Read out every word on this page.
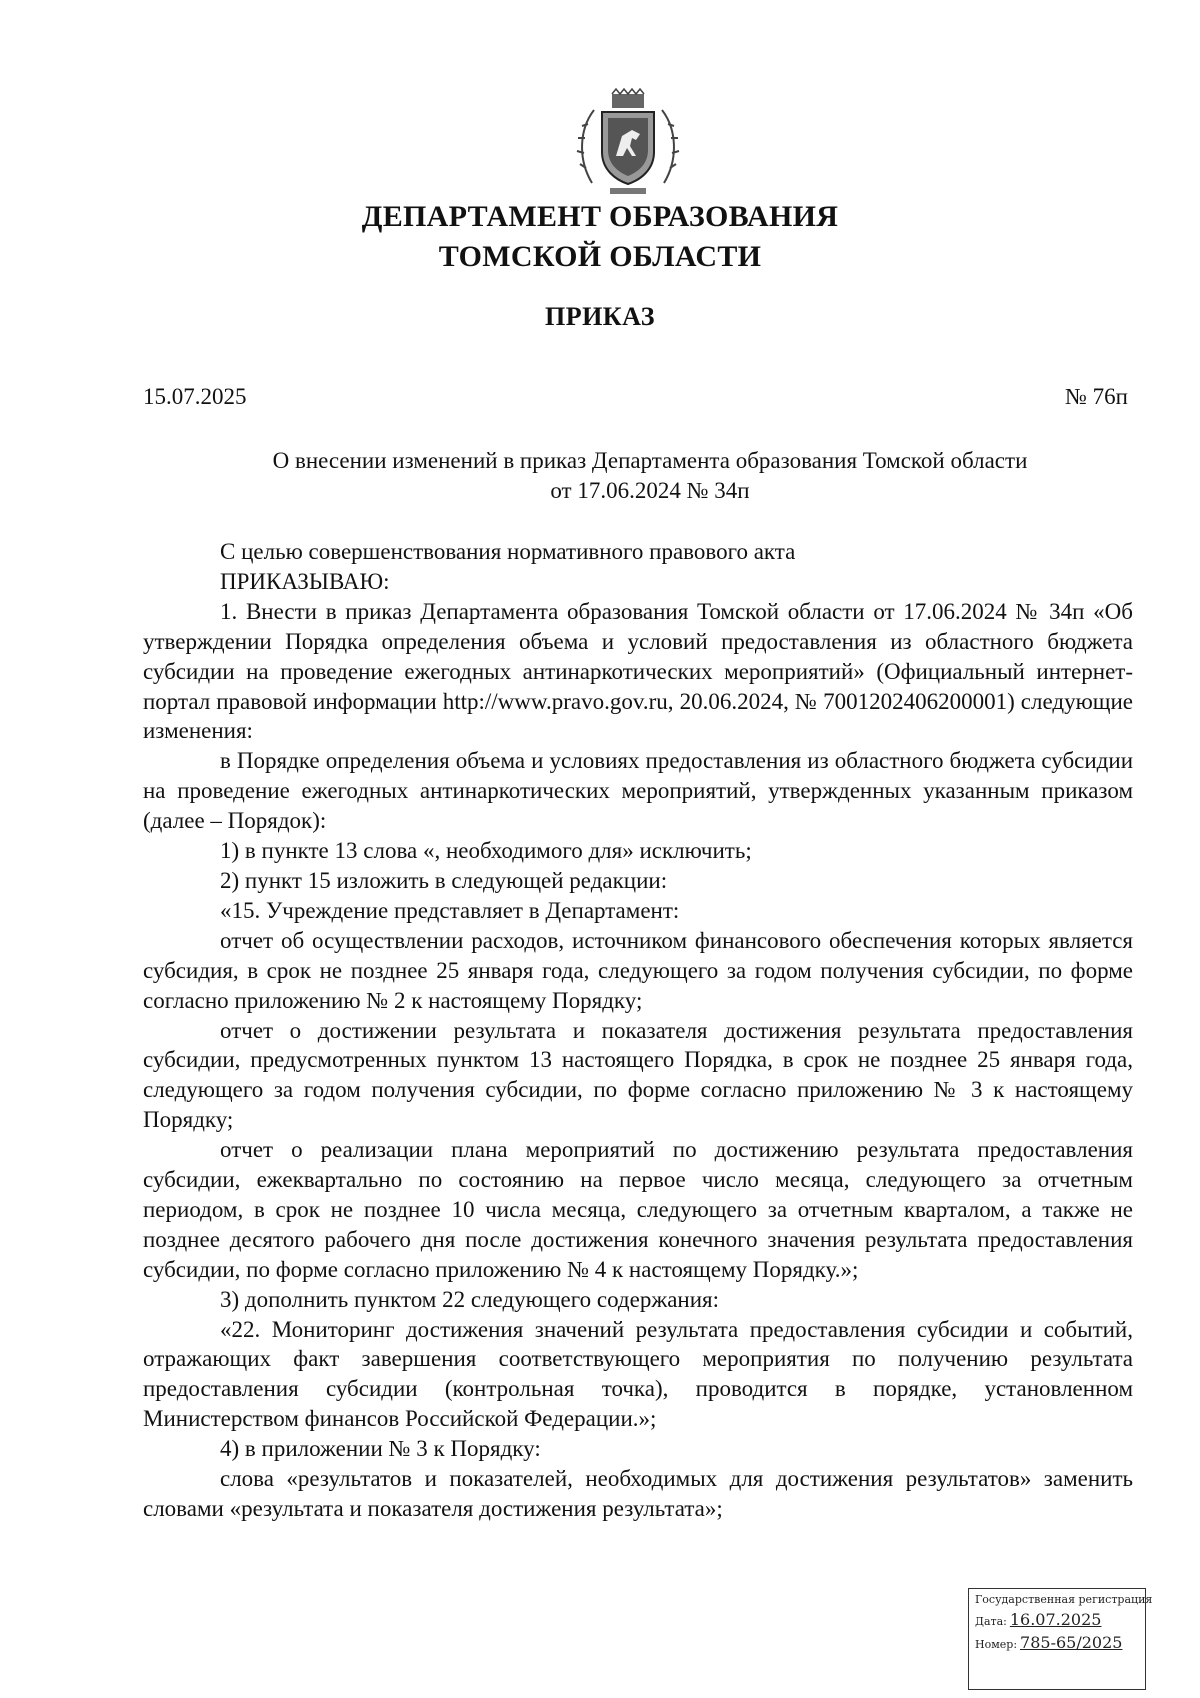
ДЕПАРТАМЕНТ ОБРАЗОВАНИЯ
ТОМСКОЙ ОБЛАСТИ
ПРИКАЗ
15.07.2025	№ 76п
О внесении изменений в приказ Департамента образования Томской области
от 17.06.2024 № 34п

С целью совершенствования нормативного правового акта

ПРИКАЗЫВАЮ:

1. Внести в приказ Департамента образования Томской области от 17.06.2024 № 34п «Об утверждении Порядка определения объема и условий предоставления из областного бюджета субсидии на проведение ежегодных антинаркотических мероприятий» (Официальный интернет-портал правовой информации http://www.pravo.gov.ru, 20.06.2024, № 7001202406200001) следующие изменения:

в Порядке определения объема и условиях предоставления из областного бюджета субсидии на проведение ежегодных антинаркотических мероприятий, утвержденных указанным приказом (далее – Порядок):

1) в пункте 13 слова «, необходимого для» исключить;

2) пункт 15 изложить в следующей редакции:

«15. Учреждение представляет в Департамент:

отчет об осуществлении расходов, источником финансового обеспечения которых является субсидия, в срок не позднее 25 января года, следующего за годом получения субсидии, по форме согласно приложению № 2 к настоящему Порядку;

отчет о достижении результата и показателя достижения результата предоставления субсидии, предусмотренных пунктом 13 настоящего Порядка, в срок не позднее 25 января года, следующего за годом получения субсидии, по форме согласно приложению № 3 к настоящему Порядку;

отчет о реализации плана мероприятий по достижению результата предоставления субсидии, ежеквартально по состоянию на первое число месяца, следующего за отчетным периодом, в срок не позднее 10 числа месяца, следующего за отчетным кварталом, а также не позднее десятого рабочего дня после достижения конечного значения результата предоставления субсидии, по форме согласно приложению № 4 к настоящему Порядку.»;

3) дополнить пунктом 22 следующего содержания:

«22. Мониторинг достижения значений результата предоставления субсидии и событий, отражающих факт завершения соответствующего мероприятия по получению результата предоставления субсидии (контрольная точка), проводится в порядке, установленном Министерством финансов Российской Федерации.»;

4) в приложении № 3 к Порядку:

слова «результатов и показателей, необходимых для достижения результатов» заменить словами «результата и показателя достижения результата»;

Государственная регистрация
Дата: 16.07.2025
Номер: 785-65/2025
